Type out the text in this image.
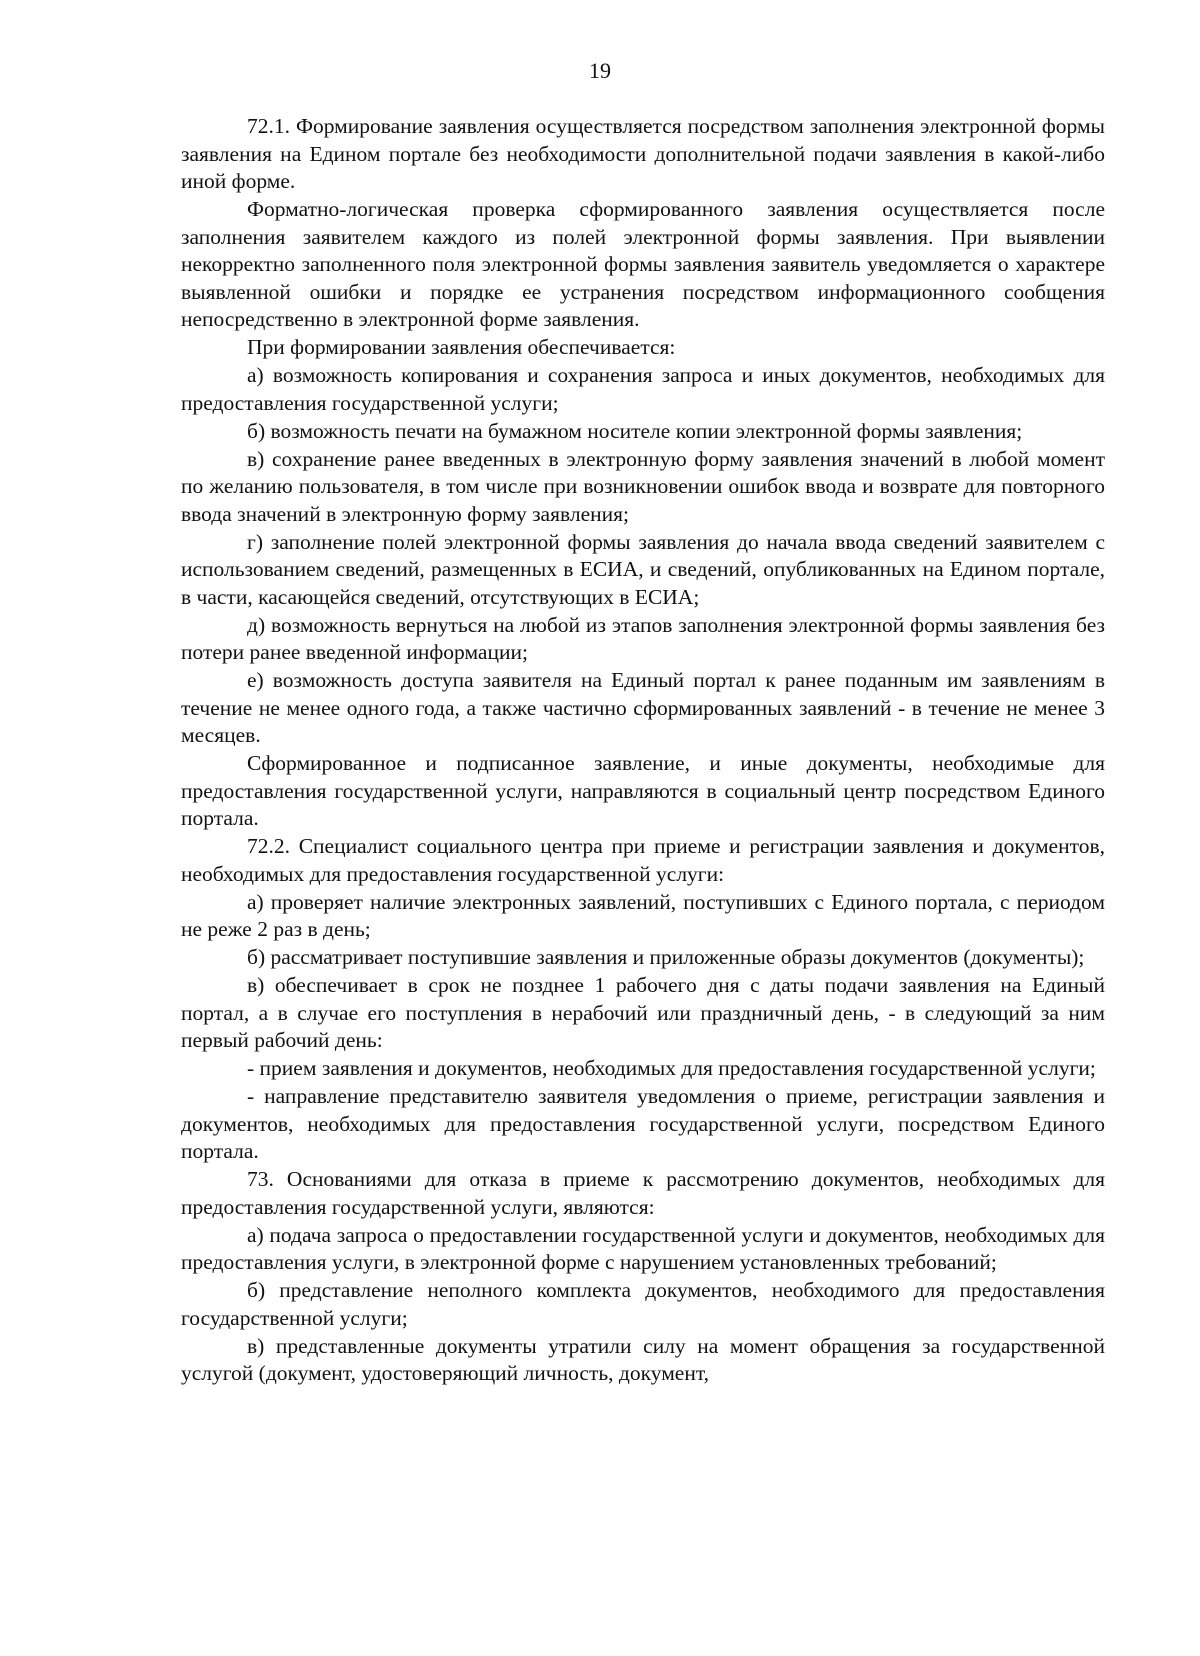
19

72.1. Формирование заявления осуществляется посредством заполнения электронной формы заявления на Едином портале без необходимости дополнительной подачи заявления в какой-либо иной форме.

Форматно-логическая проверка сформированного заявления осуществляется после заполнения заявителем каждого из полей электронной формы заявления. При выявлении некорректно заполненного поля электронной формы заявления заявитель уведомляется о характере выявленной ошибки и порядке ее устранения посредством информационного сообщения непосредственно в электронной форме заявления.

При формировании заявления обеспечивается:

а) возможность копирования и сохранения запроса и иных документов, необходимых для предоставления государственной услуги;

б) возможность печати на бумажном носителе копии электронной формы заявления;

в) сохранение ранее введенных в электронную форму заявления значений в любой момент по желанию пользователя, в том числе при возникновении ошибок ввода и возврате для повторного ввода значений в электронную форму заявления;

г) заполнение полей электронной формы заявления до начала ввода сведений заявителем с использованием сведений, размещенных в ЕСИА, и сведений, опубликованных на Едином портале, в части, касающейся сведений, отсутствующих в ЕСИА;

д) возможность вернуться на любой из этапов заполнения электронной формы заявления без потери ранее введенной информации;

е) возможность доступа заявителя на Единый портал к ранее поданным им заявлениям в течение не менее одного года, а также частично сформированных заявлений - в течение не менее 3 месяцев.

Сформированное и подписанное заявление, и иные документы, необходимые для предоставления государственной услуги, направляются в социальный центр посредством Единого портала.

72.2. Специалист социального центра при приеме и регистрации заявления и документов, необходимых для предоставления государственной услуги:

а) проверяет наличие электронных заявлений, поступивших с Единого портала, с периодом не реже 2 раз в день;

б) рассматривает поступившие заявления и приложенные образы документов (документы);

в) обеспечивает в срок не позднее 1 рабочего дня с даты подачи заявления на Единый портал, а в случае его поступления в нерабочий или праздничный день, - в следующий за ним первый рабочий день:

- прием заявления и документов, необходимых для предоставления государственной услуги;

- направление представителю заявителя уведомления о приеме, регистрации заявления и документов, необходимых для предоставления государственной услуги, посредством Единого портала.

73. Основаниями для отказа в приеме к рассмотрению документов, необходимых для предоставления государственной услуги, являются:

а) подача запроса о предоставлении государственной услуги и документов, необходимых для предоставления услуги, в электронной форме с нарушением установленных требований;

б) представление неполного комплекта документов, необходимого для предоставления государственной услуги;

в) представленные документы утратили силу на момент обращения за государственной услугой (документ, удостоверяющий личность, документ,
